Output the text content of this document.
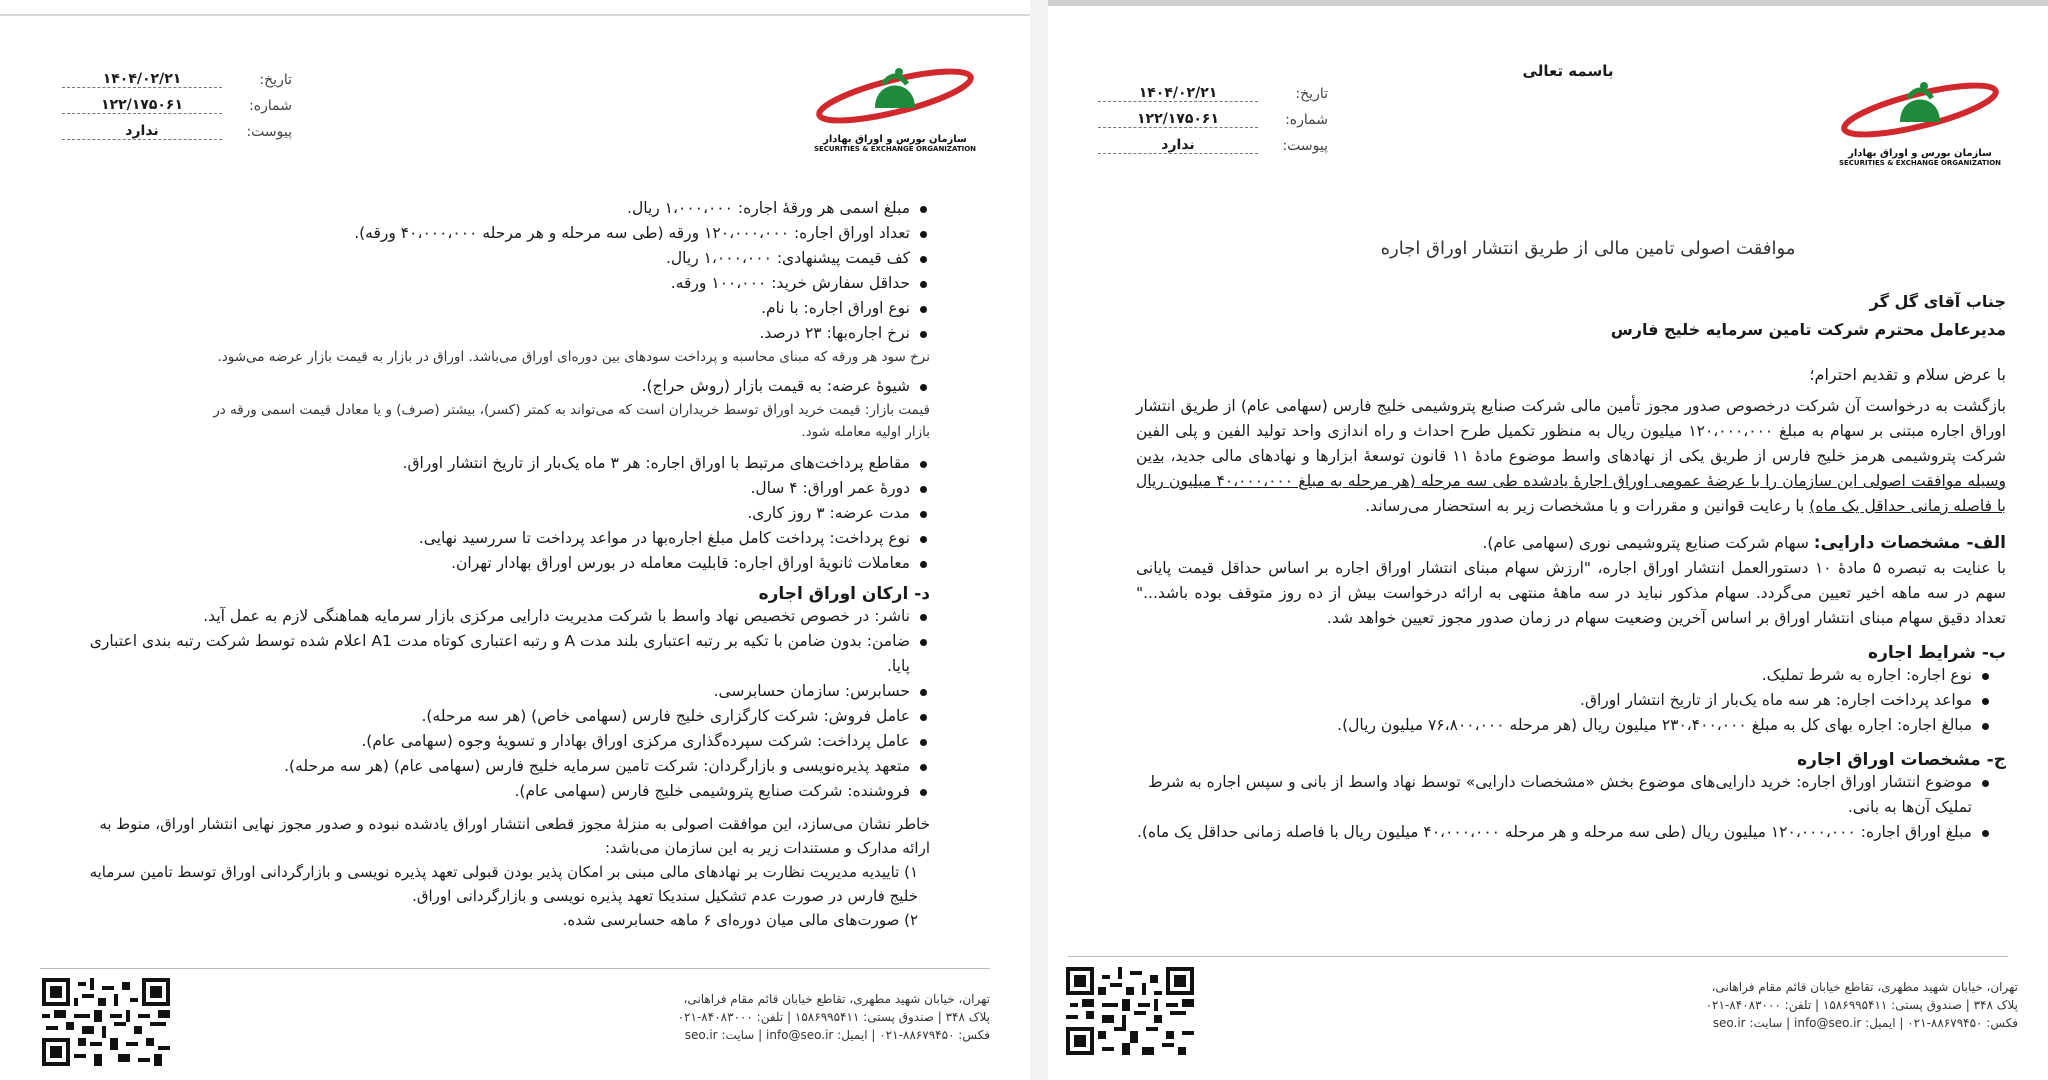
۱۴۰۴/۰۲/۲۱	تاریخ:
۱۲۲/۱۷۵۰۶۱	شماره:
ندارد	پیوست:	سازمان بورس و اوراق بهادار
SECURITIES & EXCHANGE ORGANIZATION
مبلغ اسمی هر ورقهٔ اجاره: ۱،۰۰۰،۰۰۰ ریال.
تعداد اوراق اجاره: ۱۲۰،۰۰۰،۰۰۰ ورقه (طی سه مرحله و هر مرحله ۴۰،۰۰۰،۰۰۰ ورقه).
کف قیمت پیشنهادی: ۱،۰۰۰،۰۰۰ ریال.
حداقل سفارش خرید: ۱۰۰،۰۰۰ ورقه.
نوع اوراق اجاره: با نام.
نرخ اجاره‌بها: ۲۳ درصد.
نرخ سود هر ورقه که مبنای محاسبه و پرداخت سودهای بین دوره‌ای اوراق می‌باشد. اوراق در بازار به قیمت بازار عرضه می‌شود.
شیوهٔ عرضه: به قیمت بازار (روش حراج).
قیمت بازار: قیمت خرید اوراق توسط خریداران است که می‌تواند به کمتر (کسر)، بیشتر (صرف) و یا معادل قیمت اسمی ورقه در بازار اولیه معامله شود.
مقاطع پرداخت‌های مرتبط با اوراق اجاره: هر ۳ ماه یک‌بار از تاریخ انتشار اوراق.
دورهٔ عمر اوراق: ۴ سال.
مدت عرضه: ۳ روز کاری.
نوع پرداخت: پرداخت کامل مبلغ اجاره‌بها در مواعد پرداخت تا سررسید نهایی.
معاملات ثانویهٔ اوراق اجاره: قابلیت معامله در بورس اوراق بهادار تهران.
د- ارکان اوراق اجاره
ناشر: در خصوص تخصیص نهاد واسط با شرکت مدیریت دارایی مرکزی بازار سرمایه هماهنگی لازم به عمل آید.
ضامن: بدون ضامن با تکیه بر رتبه اعتباری بلند مدت A و رتبه اعتباری کوتاه مدت A1 اعلام شده توسط شرکت رتبه بندی اعتباری پایا.
حسابرس: سازمان حسابرسی.
عامل فروش: شرکت کارگزاری خلیج فارس (سهامی خاص) (هر سه مرحله).
عامل پرداخت: شرکت سپرده‌گذاری مرکزی اوراق بهادار و تسویهٔ وجوه (سهامی عام).
متعهد پذیره‌نویسی و بازارگردان: شرکت تامین سرمایه خلیج فارس (سهامی عام) (هر سه مرحله).
فروشنده: شرکت صنایع پتروشیمی خلیج فارس (سهامی عام).
خاطر نشان می‌سازد، این موافقت اصولی به منزلهٔ مجوز قطعی انتشار اوراق یادشده نبوده و صدور مجوز نهایی انتشار اوراق، منوط به ارائه مدارک و مستندات زیر به این سازمان می‌باشد:
۱) تاییدیه مدیریت نظارت بر نهادهای مالی مبنی بر امکان پذیر بودن قبولی تعهد پذیره نویسی و بازارگردانی اوراق توسط تامین سرمایه خلیج فارس در صورت عدم تشکیل سندیکا تعهد پذیره نویسی و بازارگردانی اوراق.
۲) صورت‌های مالی میان دوره‌ای ۶ ماهه حسابرسی شده.
تهران، خیابان شهید مطهری، تقاطع خیابان قائم مقام فراهانی،
پلاک ۳۴۸ | صندوق پستی: ۱۵۸۶۹۹۵۴۱۱ | تلفن: ۸۴۰۸۳۰۰۰-۰۲۱
فکس: ۸۸۶۷۹۴۵۰-۰۲۱ | ایمیل: info@seo.ir | سایت: seo.ir
باسمه تعالی
۱۴۰۴/۰۲/۲۱	تاریخ:
۱۲۲/۱۷۵۰۶۱	شماره:
ندارد	پیوست:	سازمان بورس و اوراق بهادار
SECURITIES & EXCHANGE ORGANIZATION
موافقت اصولی تامین مالی از طریق انتشار اوراق اجاره
جناب آقای گل گر
مدیرعامل محترم شرکت تامین سرمایه خلیج فارس
با عرض سلام و تقدیم احترام؛
بازگشت به درخواست آن شرکت درخصوص صدور مجوز تأمین مالی شرکت صنایع پتروشیمی خلیج فارس (سهامی عام) از طریق انتشار اوراق اجاره مبتنی بر سهام به مبلغ ۱۲۰،۰۰۰،۰۰۰ میلیون ریال به منظور تکمیل طرح احداث و راه اندازی واحد تولید الفین و پلی الفین شرکت پتروشیمی هرمز خلیج فارس از طریق یکی از نهادهای واسط موضوع مادهٔ ۱۱ قانون توسعهٔ ابزارها و نهادهای مالی جدید، بدین وسیله موافقت اصولی این سازمان را با عرضهٔ عمومی اوراق اجارهٔ یادشده طی سه مرحله (هر مرحله به مبلغ ۴۰،۰۰۰،۰۰۰ میلیون ریال با فاصله زمانی حداقل یک ماه) با رعایت قوانین و مقررات و با مشخصات زیر به استحضار می‌رساند.
الف- مشخصات دارایی: سهام شرکت صنایع پتروشیمی نوری (سهامی عام).
با عنایت به تبصره ۵ مادهٔ ۱۰ دستورالعمل انتشار اوراق اجاره، "ارزش سهام مبنای انتشار اوراق اجاره بر اساس حداقل قیمت پایانی سهم در سه ماهه اخیر تعیین می‌گردد. سهام مذکور نباید در سه ماههٔ منتهی به ارائه درخواست بیش از ده روز متوقف بوده باشد..." تعداد دقیق سهام مبنای انتشار اوراق بر اساس آخرین وضعیت سهام در زمان صدور مجوز تعیین خواهد شد.
ب- شرایط اجاره
نوع اجاره: اجاره به شرط تملیک.
مواعد پرداخت اجاره: هر سه ماه یک‌بار از تاریخ انتشار اوراق.
مبالغ اجاره: اجاره بهای کل به مبلغ ۲۳۰،۴۰۰،۰۰۰ میلیون ریال (هر مرحله ۷۶،۸۰۰،۰۰۰ میلیون ریال).
ج- مشخصات اوراق اجاره
موضوع انتشار اوراق اجاره: خرید دارایی‌های موضوع بخش «مشخصات دارایی» توسط نهاد واسط از بانی و سپس اجاره به شرط تملیک آن‌ها به بانی.
مبلغ اوراق اجاره: ۱۲۰،۰۰۰،۰۰۰ میلیون ریال (طی سه مرحله و هر مرحله ۴۰،۰۰۰،۰۰۰ میلیون ریال با فاصله زمانی حداقل یک ماه).
تهران، خیابان شهید مطهری، تقاطع خیابان قائم مقام فراهانی،
پلاک ۳۴۸ | صندوق پستی: ۱۵۸۶۹۹۵۴۱۱ | تلفن: ۸۴۰۸۳۰۰۰-۰۲۱
فکس: ۸۸۶۷۹۴۵۰-۰۲۱ | ایمیل: info@seo.ir | سایت: seo.ir
